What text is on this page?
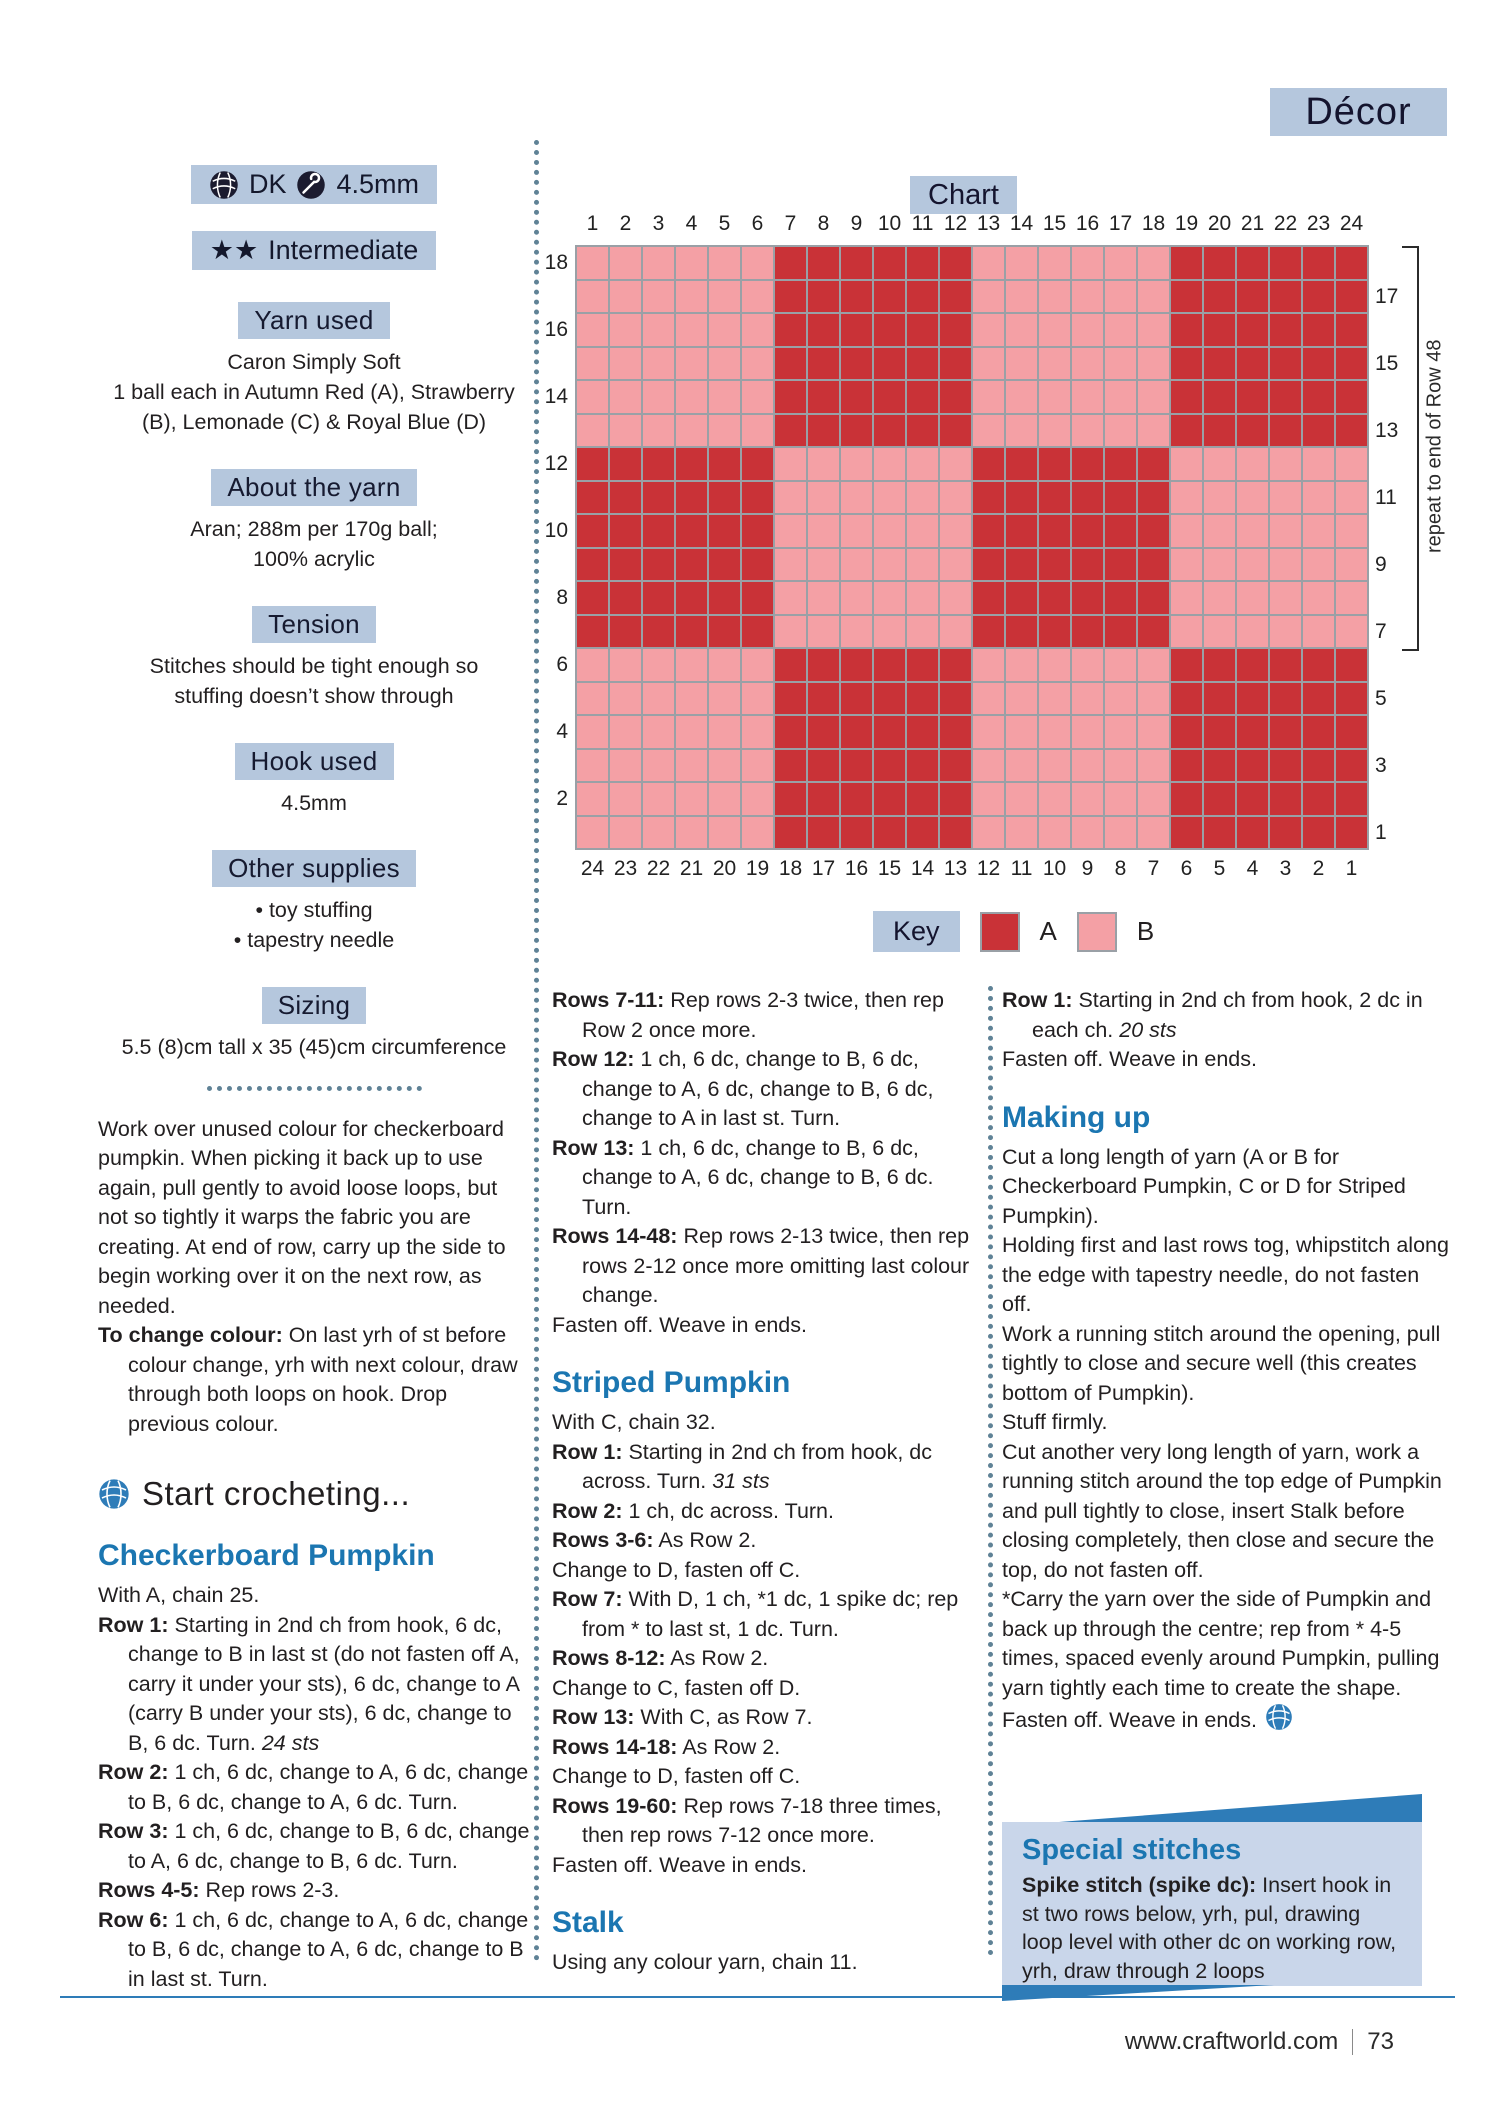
Décor
DK 4.5mm

★★ Intermediate
Yarn used
Caron Simply Soft
1 ball each in Autumn Red (A), Strawberry
(B), Lemonade (C) & Royal Blue (D)
About the yarn
Aran; 288m per 170g ball;
100% acrylic
Tension
Stitches should be tight enough so
stuffing doesn’t show through
Hook used
4.5mm
Other supplies
• toy stuffing
• tapestry needle
Sizing
5.5 (8)cm tall x 35 (45)cm circumference

Work over unused colour for checkerboard pumpkin. When picking it back up to use again, pull gently to avoid loose loops, but not so tightly it warps the fabric you are creating. At end of row, carry up the side to begin working over it on the next row, as needed.

To change colour: On last yrh of st before colour change, yrh with next colour, draw through both loops on hook. Drop previous colour.

Start crocheting...
Checkerboard Pumpkin

With A, chain 25.

Row 1: Starting in 2nd ch from hook, 6 dc, change to B in last st (do not fasten off A, carry it under your sts), 6 dc, change to A (carry B under your sts), 6 dc, change to B, 6 dc. Turn. 24 sts

Row 2: 1 ch, 6 dc, change to A, 6 dc, change to B, 6 dc, change to A, 6 dc. Turn.

Row 3: 1 ch, 6 dc, change to B, 6 dc, change to A, 6 dc, change to B, 6 dc. Turn.

Rows 4-5: Rep rows 2-3.

Row 6: 1 ch, 6 dc, change to A, 6 dc, change to B, 6 dc, change to A, 6 dc, change to B in last st. Turn.

Chart
1	2	3	4	5	6	7	8	9 10 11 12 13 14 15 16 17 18 19 20 21 22 23 24
24 23 22 21 20 19 18 17 16 15 14 13 12 11 10 9	8	7	6	5	4	3	2	1
repeat to end of Row 48
Key	A	B

Rows 7-11: Rep rows 2-3 twice, then rep Row 2 once more.

Row 12: 1 ch, 6 dc, change to B, 6 dc, change to A, 6 dc, change to B, 6 dc, change to A in last st. Turn.

Row 13: 1 ch, 6 dc, change to B, 6 dc, change to A, 6 dc, change to B, 6 dc. Turn.

Rows 14-48: Rep rows 2-13 twice, then rep rows 2-12 once more omitting last colour change.

Fasten off. Weave in ends.

Striped Pumpkin

With C, chain 32.

Row 1: Starting in 2nd ch from hook, dc across. Turn. 31 sts

Row 2: 1 ch, dc across. Turn.

Rows 3-6: As Row 2.

Change to D, fasten off C.

Row 7: With D, 1 ch, *1 dc, 1 spike dc; rep from * to last st, 1 dc. Turn.

Rows 8-12: As Row 2.

Change to C, fasten off D.

Row 13: With C, as Row 7.

Rows 14-18: As Row 2.

Change to D, fasten off C.

Rows 19-60: Rep rows 7-18 three times, then rep rows 7-12 once more.

Fasten off. Weave in ends.

Stalk

Using any colour yarn, chain 11.

Row 1: Starting in 2nd ch from hook, 2 dc in each ch. 20 sts

Fasten off. Weave in ends.

Making up

Cut a long length of yarn (A or B for Checkerboard Pumpkin, C or D for Striped Pumpkin).

Holding first and last rows tog, whipstitch along the edge with tapestry needle, do not fasten off.

Work a running stitch around the opening, pull tightly to close and secure well (this creates bottom of Pumpkin).

Stuff firmly.

Cut another very long length of yarn, work a running stitch around the top edge of Pumpkin and pull tightly to close, insert Stalk before closing completely, then close and secure the top, do not fasten off.

*Carry the yarn over the side of Pumpkin and back up through the centre; rep from * 4-5 times, spaced evenly around Pumpkin, pulling yarn tightly each time to create the shape.

Fasten off. Weave in ends.

Special stitches

Spike stitch (spike dc): Insert hook in st two rows below, yrh, pul, drawing loop level with other dc on working row, yrh, draw through 2 loops

www.craftworld.com 73
18
16
14
12
10
8
6
4
2
17
15
13
11
9
7
5
3
1
